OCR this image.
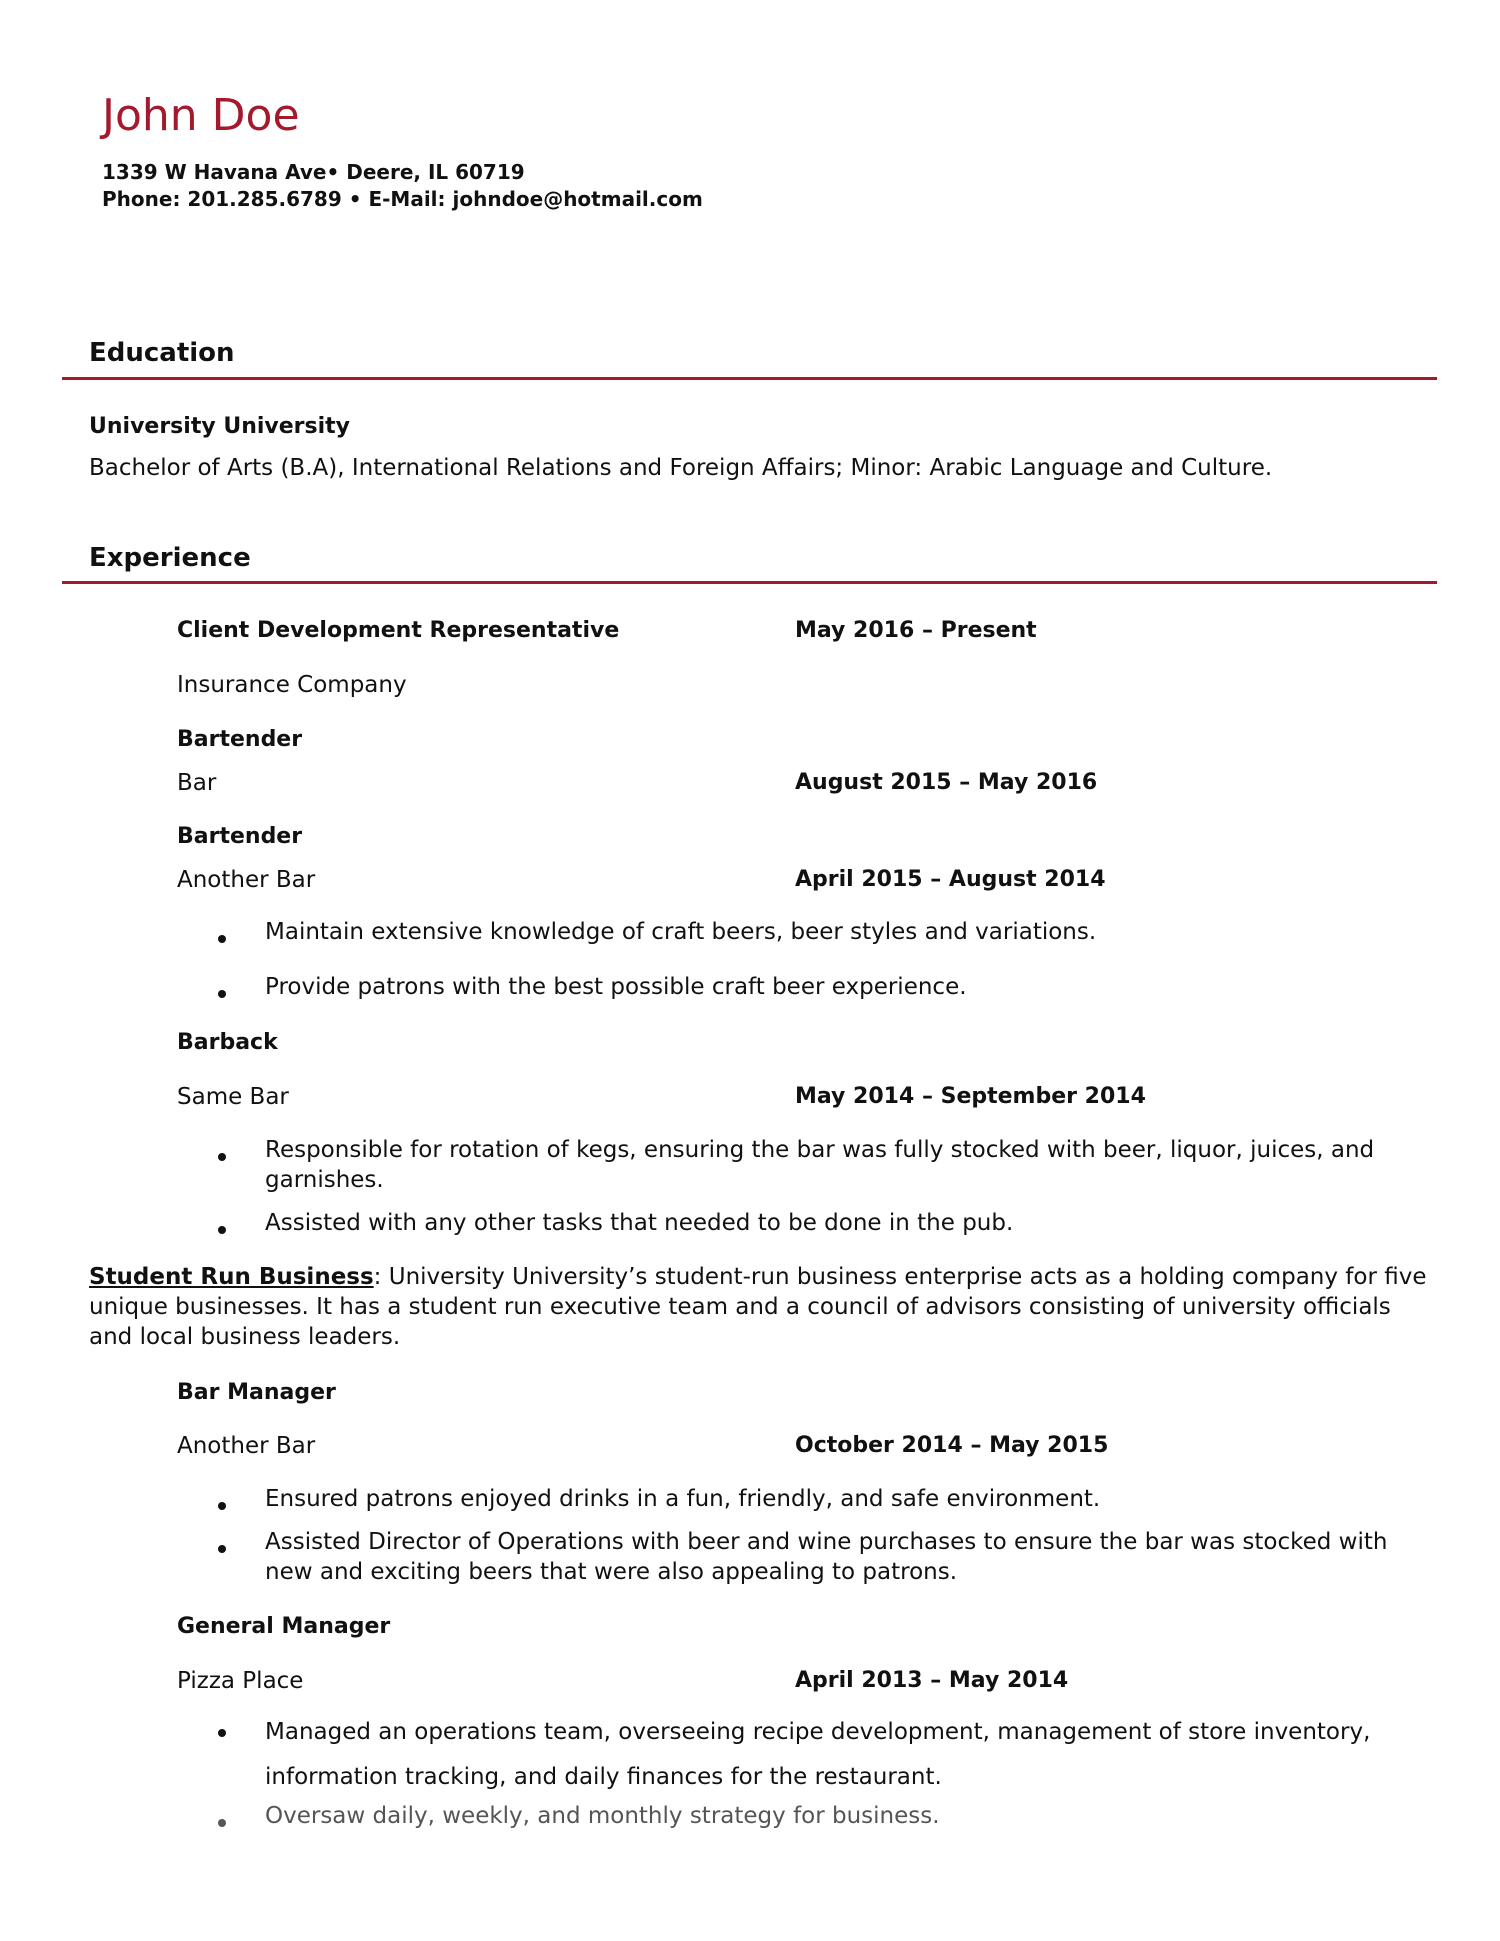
John Doe
1339 W Havana Ave• Deere, IL 60719
Phone: 201.285.6789 • E-Mail: johndoe@hotmail.com
Education
University University
Bachelor of Arts (B.A), International Relations and Foreign Affairs; Minor: Arabic Language and Culture.
Experience
Client Development Representative	May 2016 – Present
Insurance Company
Bartender
Bar	August 2015 – May 2016
Bartender
Another Bar	April 2015 – August 2014
Maintain extensive knowledge of craft beers, beer styles and variations.
Provide patrons with the best possible craft beer experience.
Barback
Same Bar	May 2014 – September 2014
Responsible for rotation of kegs, ensuring the bar was fully stocked with beer, liquor, juices, and garnishes.
Assisted with any other tasks that needed to be done in the pub.
Student Run Business: University University’s student-run business enterprise acts as a holding company for five unique businesses. It has a student run executive team and a council of advisors consisting of university officials and local business leaders.
Bar Manager
Another Bar	October 2014 – May 2015
Ensured patrons enjoyed drinks in a fun, friendly, and safe environment.
Assisted Director of Operations with beer and wine purchases to ensure the bar was stocked with new and exciting beers that were also appealing to patrons.
General Manager
Pizza Place	April 2013 – May 2014
Managed an operations team, overseeing recipe development, management of store inventory, information tracking, and daily finances for the restaurant.
Oversaw daily, weekly, and monthly strategy for business.
